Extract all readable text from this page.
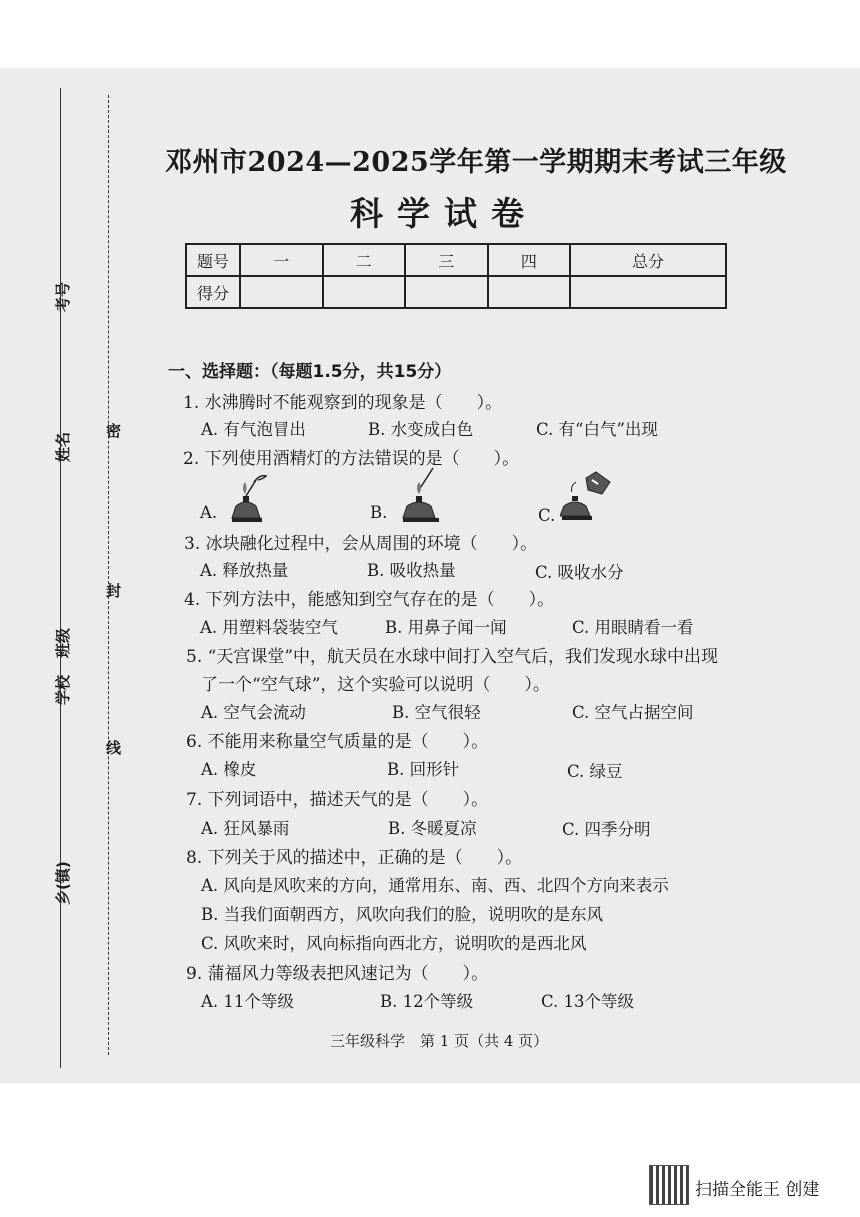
考号
姓名
学校
班级
乡(镇)
密
封
线
邓州市2024—2025学年第一学期期末考试三年级
科学试卷
题号	一	二	三	四	总分
得分					
一、选择题：（每题1.5分，共15分）
1. 水沸腾时不能观察到的现象是（　　）。
A. 有气泡冒出	B. 水变成白色	C. 有“白气”出现
2. 下列使用酒精灯的方法错误的是（　　）。
A.	B.	C.
3. 冰块融化过程中，会从周围的环境（　　）。
A. 释放热量	B. 吸收热量	C. 吸收水分
4. 下列方法中，能感知到空气存在的是（　　）。
A. 用塑料袋装空气	B. 用鼻子闻一闻	C. 用眼睛看一看
5. “天宫课堂”中，航天员在水球中间打入空气后，我们发现水球中出现
了一个“空气球”，这个实验可以说明（　　）。
A. 空气会流动	B. 空气很轻	C. 空气占据空间
6. 不能用来称量空气质量的是（　　）。
A. 橡皮	B. 回形针	C. 绿豆
7. 下列词语中，描述天气的是（　　）。
A. 狂风暴雨	B. 冬暖夏凉	C. 四季分明
8. 下列关于风的描述中，正确的是（　　）。
A. 风向是风吹来的方向，通常用东、南、西、北四个方向来表示
B. 当我们面朝西方，风吹向我们的脸，说明吹的是东风
C. 风吹来时，风向标指向西北方，说明吹的是西北风
9. 蒲福风力等级表把风速记为（　　）。
A. 11个等级	B. 12个等级	C. 13个等级
三年级科学　第 1 页（共 4 页）
扫描全能王 创建
